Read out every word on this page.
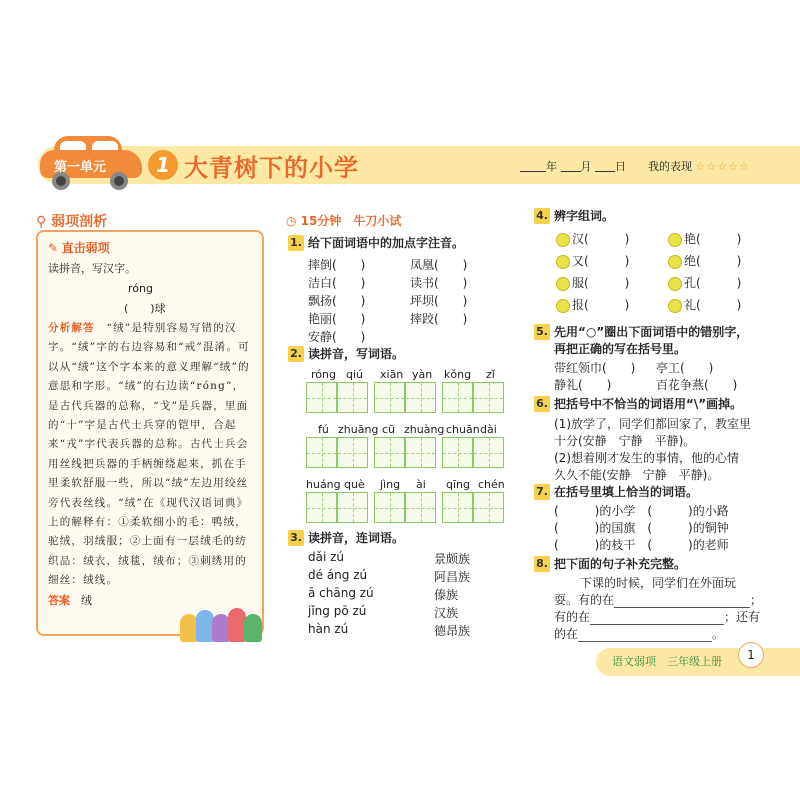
第一单元	1 大青树下的小学	年 月 日 我的表现 ☆☆☆☆☆
⚲ 弱项剖析

✎ 直击弱项

读拼音，写汉字。

róng

(　　)球

分析解答　 “绒”是特别容易写错的汉字。“绒”字的右边容易和“戒”混淆。可以从“绒”这个字本来的意义理解“绒”的意思和字形。“绒”的右边读“róng”，是古代兵器的总称，“戈”是兵器，里面的“十”字是古代士兵穿的铠甲，合起来“戎”字代表兵器的总称。古代士兵会用丝线把兵器的手柄缠绕起来，抓在手里柔软舒服一些，所以“绒”左边用绞丝旁代表丝线。“绒”在《现代汉语词典》上的解释有：①柔软细小的毛：鸭绒，驼绒，羽绒服；②上面有一层绒毛的纺织品：绒衣，绒毯，绒布；③刺绣用的细丝：绒线。

答案　 绒

◷ 15分钟　 牛刀小试
1. 给下面词语中的加点字注音。
摔倒(　　)
洁白(　　)
飘扬(　　)
艳丽(　　)
安静(　　)
凤凰(　　)
读书(　　)
坪坝(　　)
摔跤(　　)
2. 读拼音，写词语。
róng qiú xiān yàn kǒng zǐ
fú zhuāng cū zhuàng chuān dài
huáng què jìng ài qīng chén
3. 读拼音，连词语。
dǎi zú
dé áng zú
ā chāng zú
jǐng pō zú
hàn zú
景颇族
阿昌族
傣族
汉族
德昂族
4. 辨字组词。
汉(　　　)
又(　　　)
服(　　　)
报(　　　)
艳(　　　)
绝(　　　)
孔(　　　)
礼(　　　)
5. 先用“○”圈出下面词语中的错别字，
再把正确的写在括号里。
带红领巾(　　) 亭工(　　)
静礼(　　)	百花争燕(　　)
6. 把括号中不恰当的词语用“\”画掉。
(1)放学了，同学们都回家了，教室里
十分(安静　宁静　平静)。
(2)想着刚才发生的事情，他的心情
久久不能(安静　宁静　平静)。
7. 在括号里填上恰当的词语。
(　　　)的小学　(　　　)的小路
(　　　)的国旗　(　　　)的铜钟
(　　　)的枝干　(　　　)的老师
8. 把下面的句子补充完整。
下课的时候，同学们在外面玩
耍。有的在	；
有的在	；还有
的在	。
语文弱项　 三年级上册	1
